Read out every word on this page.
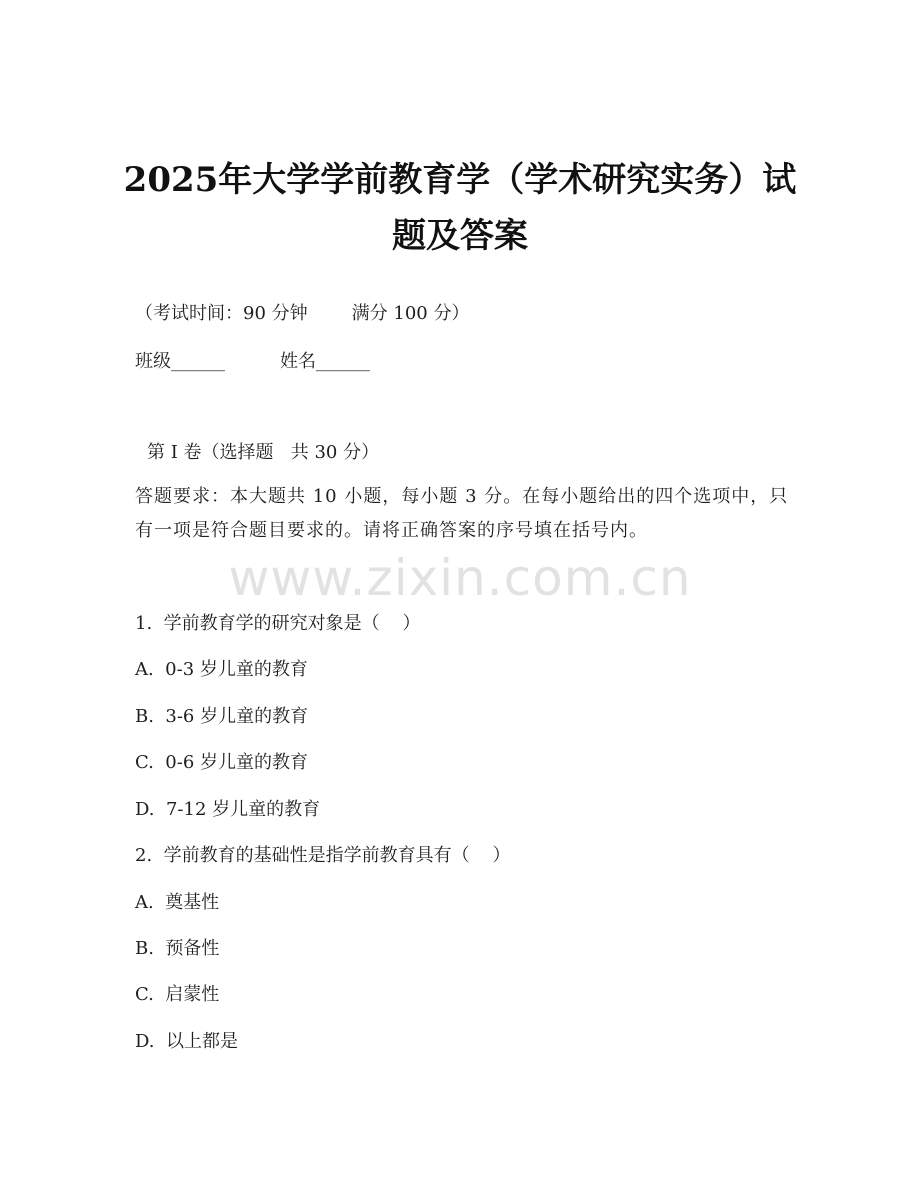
2025年大学学前教育学（学术研究实务）试
题及答案
（考试时间：90 分钟 满分 100 分）
班级______	姓名______
第 I 卷（选择题   共 30 分）
答题要求：本大题共 10 小题，每小题 3 分。在每小题给出的四个选项中，只有一项是符合题目要求的。请将正确答案的序号填在括号内。
www.zixin.com.cn
1.  学前教育学的研究对象是（    ）
A.  0-3 岁儿童的教育
B.  3-6 岁儿童的教育
C.  0-6 岁儿童的教育
D.  7-12 岁儿童的教育
2.  学前教育的基础性是指学前教育具有（    ）
A.  奠基性
B.  预备性
C.  启蒙性
D.  以上都是
